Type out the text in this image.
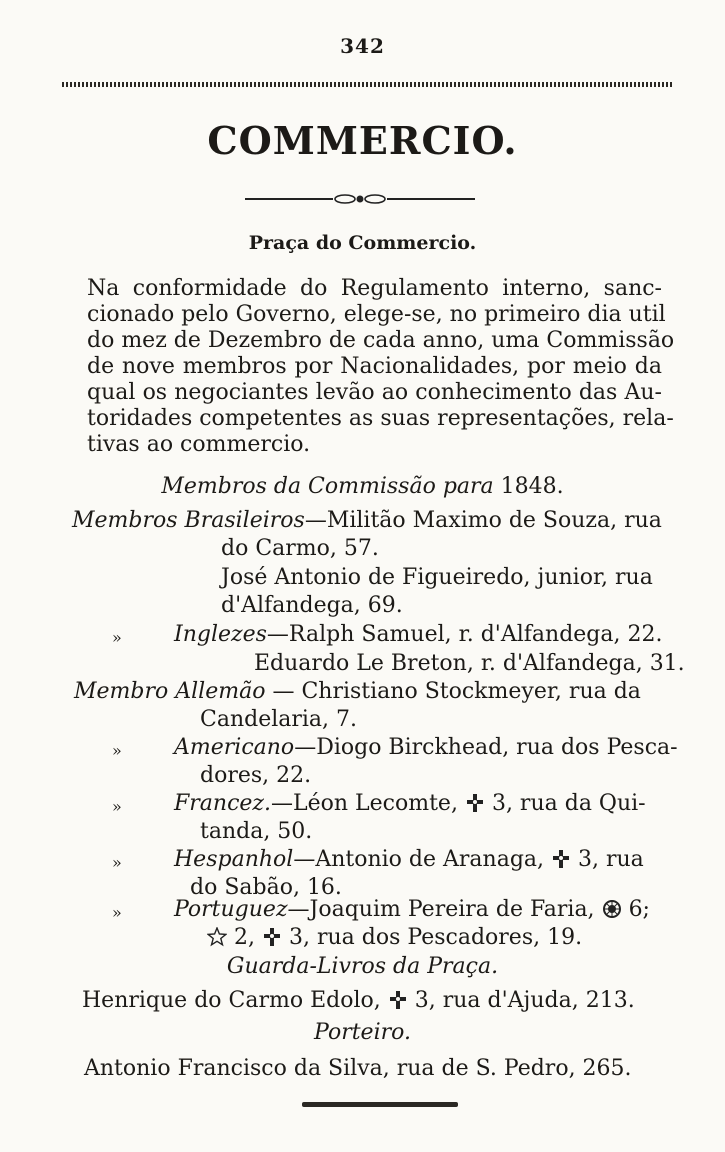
342
COMMERCIO.
Praça do Commercio.
Na conformidade do Regulamento interno, sanc-
cionado pelo Governo, elege-se, no primeiro dia util
do mez de Dezembro de cada anno, uma Commissão
de nove membros por Nacionalidades, por meio da
qual os negociantes levão ao conhecimento das Au-
toridades competentes as suas representações, rela-
tivas ao commercio.
Membros da Commissão para 1848.
Membros Brasileiros—Militão Maximo de Souza, rua
do Carmo, 57.
José Antonio de Figueiredo, junior, rua
d'Alfandega, 69.
» Inglezes—Ralph Samuel, r. d'Alfandega, 22.
Eduardo Le Breton, r. d'Alfandega, 31.
Membro Allemão — Christiano Stockmeyer, rua da
Candelaria, 7.
» Americano—Diogo Birckhead, rua dos Pesca-
dores, 22.
» Francez.—Léon Lecomte, 3, rua da Qui-
tanda, 50.
» Hespanhol—Antonio de Aranaga, 3, rua
do Sabão, 16.
» Portuguez—Joaquim Pereira de Faria, 6;
2, 3, rua dos Pescadores, 19.
Guarda-Livros da Praça.
Henrique do Carmo Edolo, 3, rua d'Ajuda, 213.
Porteiro.
Antonio Francisco da Silva, rua de S. Pedro, 265.
